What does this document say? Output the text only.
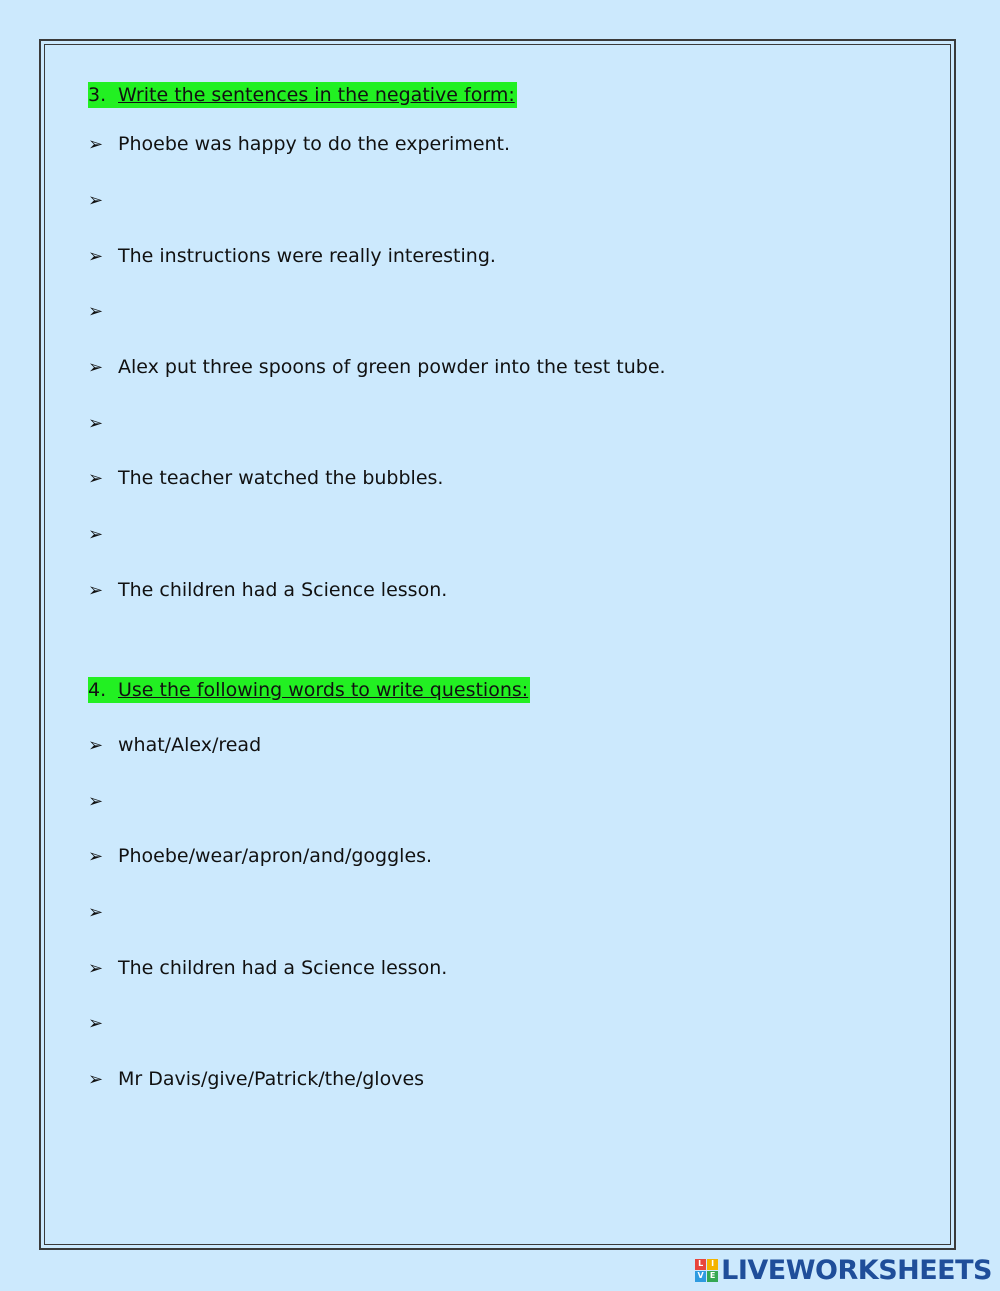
3. Write the sentences in the negative form:
➢ Phoebe was happy to do the experiment.
➢
➢ The instructions were really interesting.
➢
➢ Alex put three spoons of green powder into the test tube.
➢
➢ The teacher watched the bubbles.
➢
➢ The children had a Science lesson.
4. Use the following words to write questions:
➢ what/Alex/read
➢
➢ Phoebe/wear/apron/and/goggles.
➢
➢ The children had a Science lesson.
➢
➢ Mr Davis/give/Patrick/the/gloves
L I
V E LIVEWORKSHEETS
